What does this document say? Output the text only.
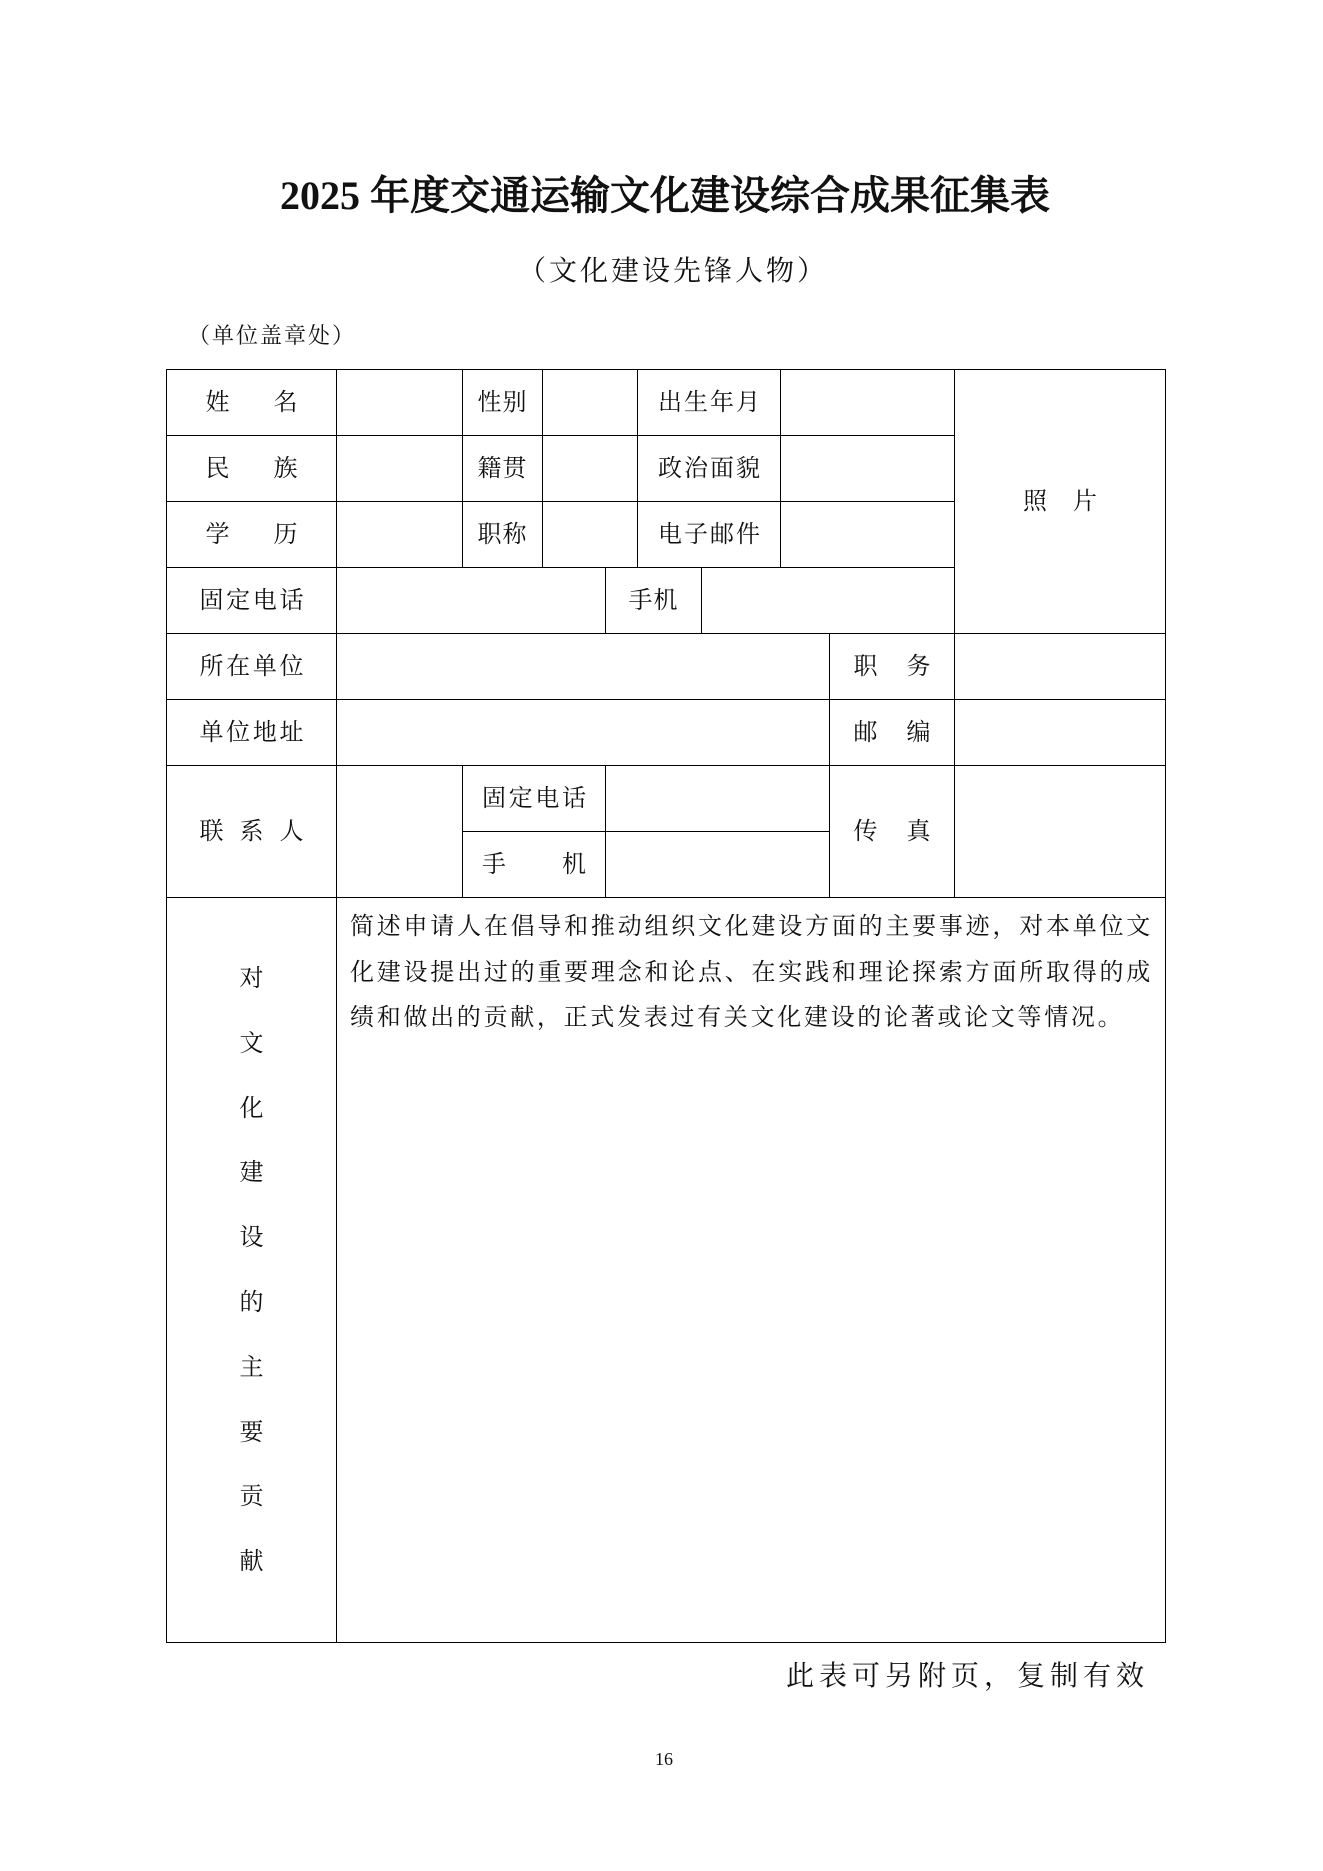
2025 年度交通运输文化建设综合成果征集表
（文化建设先锋人物）
（单位盖章处）
姓 名		性别			出 生 年 月				照 片

民 族		籍贯			政 治 面 貌				

学 历		职称			电 子 邮 件				

固 定 电 话				手机					

所 在 单 位								职 务	

单 位 地 址								邮 编	

联 系 人		固 定 电 话						传 真	

		手 机							

对文化建设的主要贡献	简述申请人在倡导和推动组织文化建设方面的主要事迹，对本单位文化建设提出过的重要理念和论点、在实践和理论探索方面所取得的成绩和做出的贡献，正式发表过有关文化建设的论著或论文等情况。								
此表可另附页，复制有效
16
